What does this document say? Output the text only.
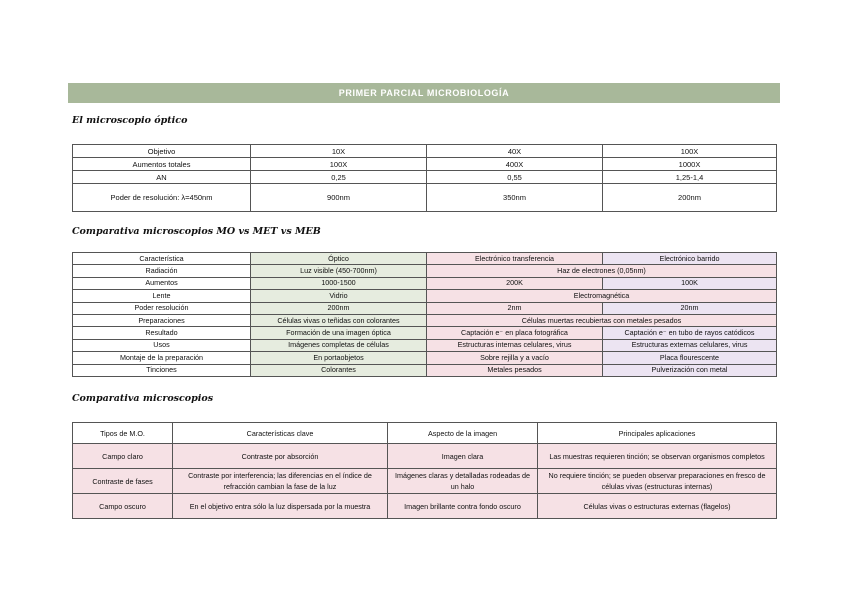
PRIMER PARCIAL MICROBIOLOGÍA
El microscopio óptico
Objetivo	10X	40X	100X
Aumentos totales	100X	400X	1000X
AN	0,25	0,55	1,25-1,4
Poder de resolución: λ=450nm	900nm	350nm	200nm
Comparativa microscopios MO vs MET vs MEB
Característica	Óptico	Electrónico transferencia	Electrónico barrido
Radiación	Luz visible (450-700nm)	Haz de electrones (0,05nm)	
Aumentos	1000-1500	200K	100K
Lente	Vidrio	Electromagnética	
Poder resolución	200nm	2nm	20nm
Preparaciones	Células vivas o teñidas con colorantes	Células muertas recubiertas con metales pesados	
Resultado	Formación de una imagen óptica	Captación e⁻ en placa fotográfica	Captación e⁻ en tubo de rayos catódicos
Usos	Imágenes completas de células	Estructuras internas celulares, virus	Estructuras externas celulares, virus
Montaje de la preparación	En portaobjetos	Sobre rejilla y a vacío	Placa flourescente
Tinciones	Colorantes	Metales pesados	Pulverización con metal
Comparativa microscopios
Tipos de M.O.	Características clave	Aspecto de la imagen	Principales aplicaciones
Campo claro	Contraste por absorción	Imagen clara	Las muestras requieren tinción; se observan organismos completos
Contraste de fases	Contraste por interferencia; las diferencias en el índice de refracción cambian la fase de la luz	Imágenes claras y detalladas rodeadas de un halo	No requiere tinción; se pueden observar preparaciones en fresco de células vivas (estructuras internas)
Campo oscuro	En el objetivo entra sólo la luz dispersada por la muestra	Imagen brillante contra fondo oscuro	Células vivas o estructuras externas (flagelos)
